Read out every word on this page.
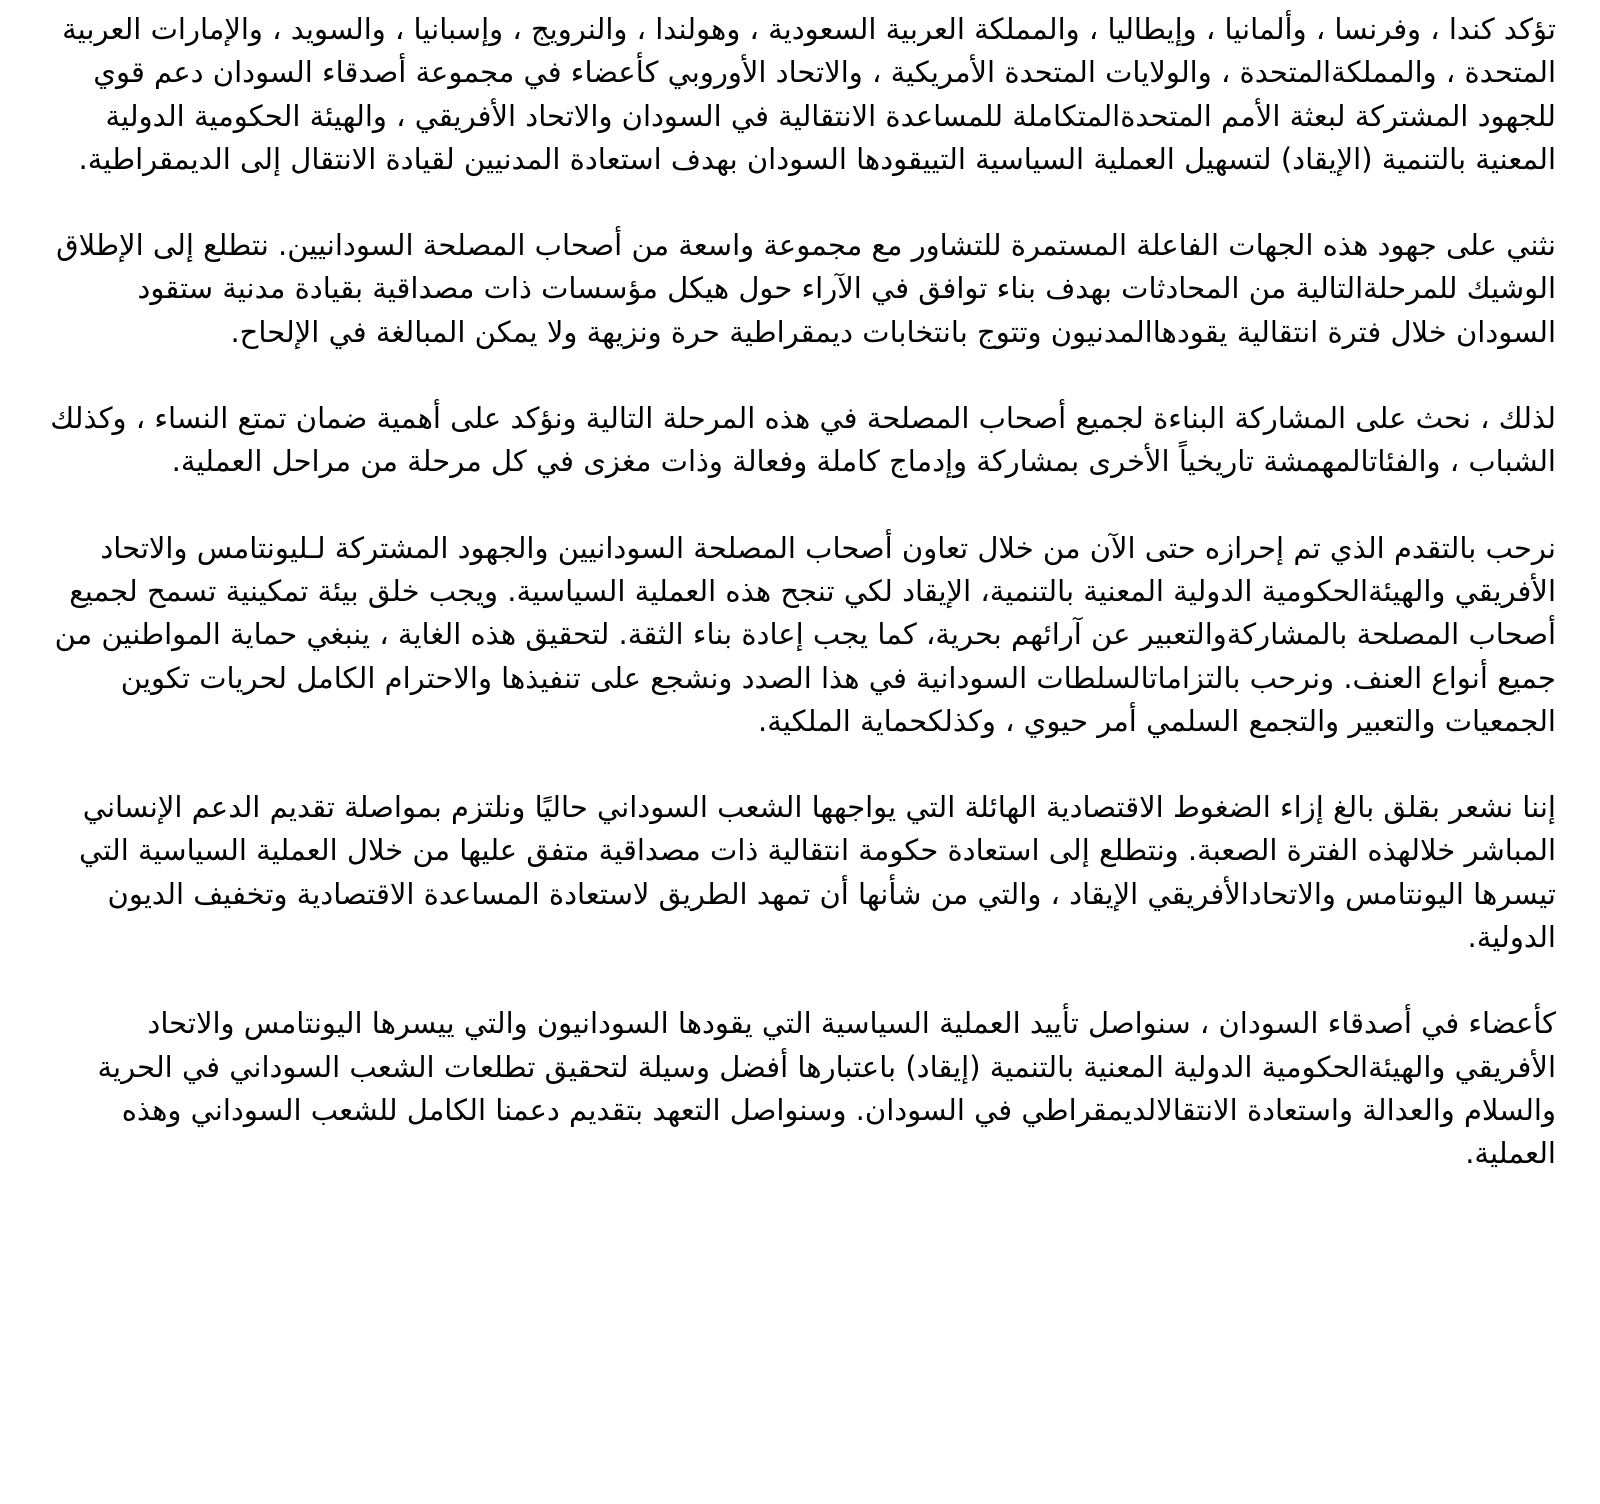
تؤكد كندا ، وفرنسا ، وألمانيا ، وإيطاليا ، والمملكة العربية السعودية ، وهولندا ، والنرويج ، وإسبانيا ، والسويد ، والإمارات العربية المتحدة ، والمملكةالمتحدة ، والولايات المتحدة الأمريكية ، والاتحاد الأوروبي كأعضاء في مجموعة أصدقاء السودان دعم قوي للجهود المشتركة لبعثة الأمم المتحدةالمتكاملة للمساعدة الانتقالية في السودان والاتحاد الأفريقي ، والهيئة الحكومية الدولية المعنية بالتنمية (الإيقاد) لتسهيل العملية السياسية التييقودها السودان بهدف استعادة المدنيين لقيادة الانتقال إلى الديمقراطية.

نثني على جهود هذه الجهات الفاعلة المستمرة للتشاور مع مجموعة واسعة من أصحاب المصلحة السودانيين. نتطلع إلى الإطلاق الوشيك للمرحلةالتالية من المحادثات بهدف بناء توافق في الآراء حول هيكل مؤسسات ذات مصداقية بقيادة مدنية ستقود السودان خلال فترة انتقالية يقودهاالمدنيون وتتوج بانتخابات ديمقراطية حرة ونزيهة ولا يمكن المبالغة في الإلحاح.

لذلك ، نحث على المشاركة البناءة لجميع أصحاب المصلحة في هذه المرحلة التالية ونؤكد على أهمية ضمان تمتع النساء ، وكذلك الشباب ، والفئاتالمهمشة تاريخياً الأخرى بمشاركة وإدماج كاملة وفعالة وذات مغزى في كل مرحلة من مراحل العملية.

نرحب بالتقدم الذي تم إحرازه حتى الآن من خلال تعاون أصحاب المصلحة السودانيين والجهود المشتركة لـليونتامس والاتحاد الأفريقي والهيئةالحكومية الدولية المعنية بالتنمية، الإيقاد لكي تنجح هذه العملية السياسية. ويجب خلق بيئة تمكينية تسمح لجميع أصحاب المصلحة بالمشاركةوالتعبير عن آرائهم بحرية، كما يجب إعادة بناء الثقة. لتحقيق هذه الغاية ، ينبغي حماية المواطنين من جميع أنواع العنف. ونرحب بالتزاماتالسلطات السودانية في هذا الصدد ونشجع على تنفيذها والاحترام الكامل لحريات تكوين الجمعيات والتعبير والتجمع السلمي أمر حيوي ، وكذلكحماية الملكية.

إننا نشعر بقلق بالغ إزاء الضغوط الاقتصادية الهائلة التي يواجهها الشعب السوداني حاليًا ونلتزم بمواصلة تقديم الدعم الإنساني المباشر خلالهذه الفترة الصعبة. ونتطلع إلى استعادة حكومة انتقالية ذات مصداقية متفق عليها من خلال العملية السياسية التي تيسرها اليونتامس والاتحادالأفريقي الإيقاد ، والتي من شأنها أن تمهد الطريق لاستعادة المساعدة الاقتصادية وتخفيف الديون الدولية.

كأعضاء في أصدقاء السودان ، سنواصل تأييد العملية السياسية التي يقودها السودانيون والتي ييسرها اليونتامس والاتحاد الأفريقي والهيئةالحكومية الدولية المعنية بالتنمية (إيقاد) باعتبارها أفضل وسيلة لتحقيق تطلعات الشعب السوداني في الحرية والسلام والعدالة واستعادة الانتقالالديمقراطي في السودان. وسنواصل التعهد بتقديم دعمنا الكامل للشعب السوداني وهذه العملية.
